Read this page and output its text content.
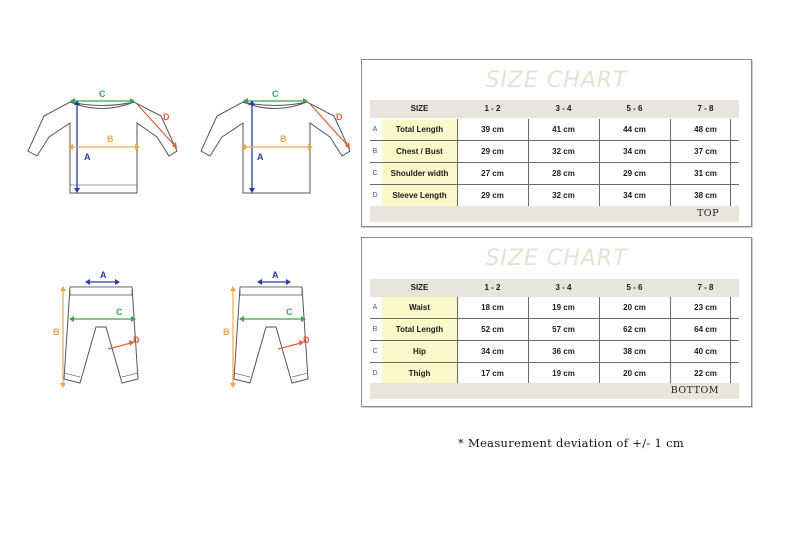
A
B
C
D
A
B
C
D
A
B
C
D
A
B
C
D
SIZE CHART
SIZE	1 - 2	3 - 4	5 - 6	7 - 8
A	Total Length	39 cm	41 cm	44 cm	48 cm
B	Chest / Bust	29 cm	32 cm	34 cm	37 cm
C	Shoulder width	27 cm	28 cm	29 cm	31 cm
D	Sleeve Length	29 cm	32 cm	34 cm	38 cm
TOP
SIZE CHART
SIZE	1 - 2	3 - 4	5 - 6	7 - 8
A	Waist	18 cm	19 cm	20 cm	23 cm
B	Total Length	52 cm	57 cm	62 cm	64 cm
C	Hip	34 cm	36 cm	38 cm	40 cm
D	Thigh	17 cm	19 cm	20 cm	22 cm
BOTTOM
* Measurement deviation of +/- 1 cm
